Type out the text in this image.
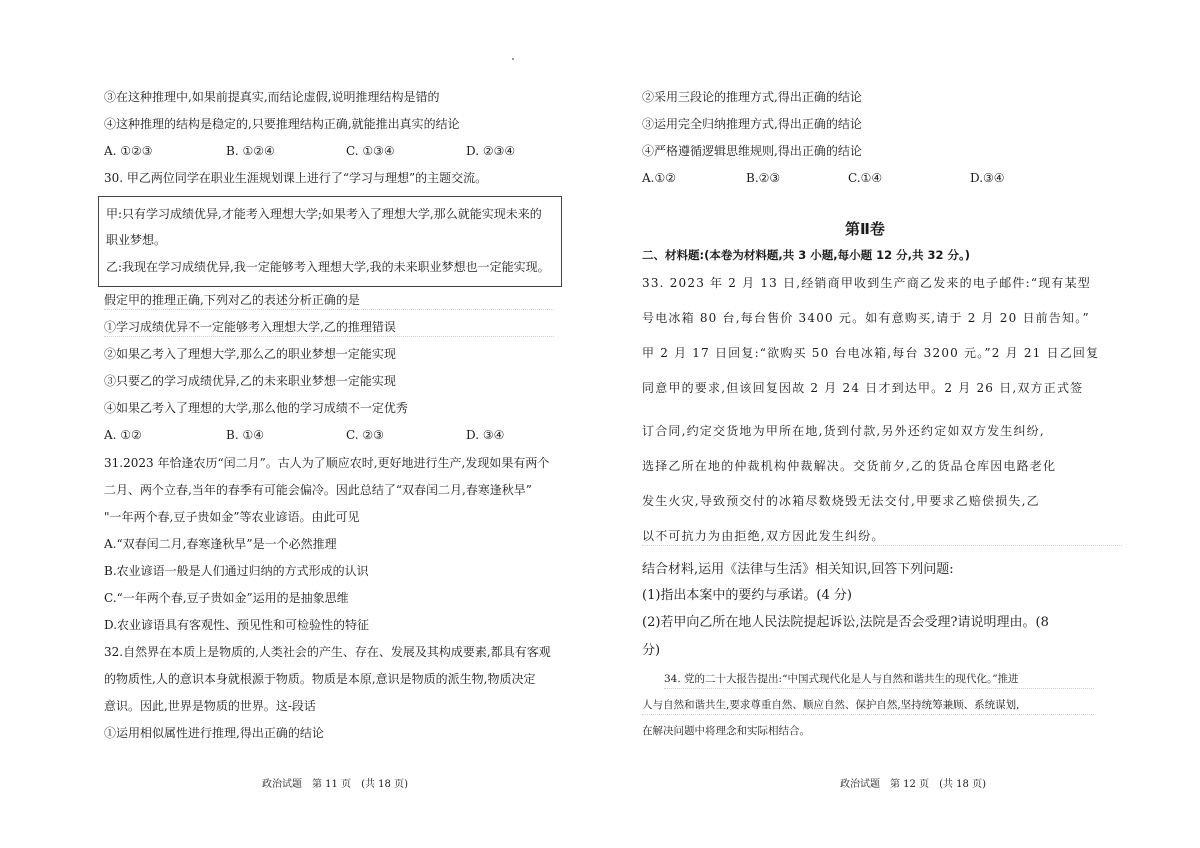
③在这种推理中,如果前提真实,而结论虚假,说明推理结构是错的
④这种推理的结构是稳定的,只要推理结构正确,就能推出真实的结论
A. ①②③	B. ①②④	C. ①③④	D. ②③④
30. 甲乙两位同学在职业生涯规划课上进行了“学习与理想”的主题交流。
甲:只有学习成绩优异,才能考入理想大学;如果考入了理想大学,那么就能实现未来的
职业梦想。
乙:我现在学习成绩优异,我一定能够考入理想大学,我的未来职业梦想也一定能实现。
假定甲的推理正确,下列对乙的表述分析正确的是
①学习成绩优异不一定能够考入理想大学,乙的推理错误
②如果乙考入了理想大学,那么乙的职业梦想一定能实现
③只要乙的学习成绩优异,乙的未来职业梦想一定能实现
④如果乙考入了理想的大学,那么他的学习成绩不一定优秀
A. ①②	B. ①④	C. ②③	D. ③④
31.2023 年恰逢农历“闰二月”。古人为了顺应农时,更好地进行生产,发现如果有两个
二月、两个立春,当年的春季有可能会偏冷。因此总结了“双春闰二月,春寒逢秋旱”
"一年两个春,豆子贵如金”等农业谚语。由此可见
A.“双春闰二月,春寒逢秋旱”是一个必然推理
B.农业谚语一般是人们通过归纳的方式形成的认识
C.“一年两个春,豆子贵如金”运用的是抽象思维
D.农业谚语具有客观性、预见性和可检验性的特征
32.自然界在本质上是物质的,人类社会的产生、存在、发展及其构成要素,都具有客观
的物质性,人的意识本身就根源于物质。物质是本原,意识是物质的派生物,物质决定
意识。因此,世界是物质的世界。这-段话
①运用相似属性进行推理,得出正确的结论
政治试题　第 11 页　(共 18 页)
②采用三段论的推理方式,得出正确的结论
③运用完全归纳推理方式,得出正确的结论
④严格遵循逻辑思维规则,得出正确的结论
A.①②	B.②③	C.①④	D.③④
第Ⅱ卷
二、材料题:(本卷为材料题,共 3 小题,每小题 12 分,共 32 分。)
33. 2023 年 2 月 13 日,经销商甲收到生产商乙发来的电子邮件:“现有某型
号电冰箱 80 台,每台售价 3400 元。如有意购买,请于 2 月 20 日前告知。”
甲 2 月 17 日回复:“欲购买 50 台电冰箱,每台 3200 元。”2 月 21 日乙回复
同意甲的要求,但该回复因故 2 月 24 日才到达甲。2 月 26 日,双方正式签
订合同,约定交货地为甲所在地,货到付款,另外还约定如双方发生纠纷,
选择乙所在地的仲裁机构仲裁解决。交货前夕,乙的货品仓库因电路老化
发生火灾,导致预交付的冰箱尽数烧毁无法交付,甲要求乙赔偿损失,乙
以不可抗力为由拒绝,双方因此发生纠纷。
结合材料,运用《法律与生活》相关知识,回答下列问题:
(1)指出本案中的要约与承诺。(4 分)
(2)若甲向乙所在地人民法院提起诉讼,法院是否会受理?请说明理由。(8
分)
34. 党的二十大报告提出:“中国式现代化是人与自然和谐共生的现代化。”推进
人与自然和谐共生,要求尊重自然、顺应自然、保护自然,坚持统筹兼顾、系统谋划,
在解决问题中将理念和实际相结合。
政治试题　第 12 页　(共 18 页)
